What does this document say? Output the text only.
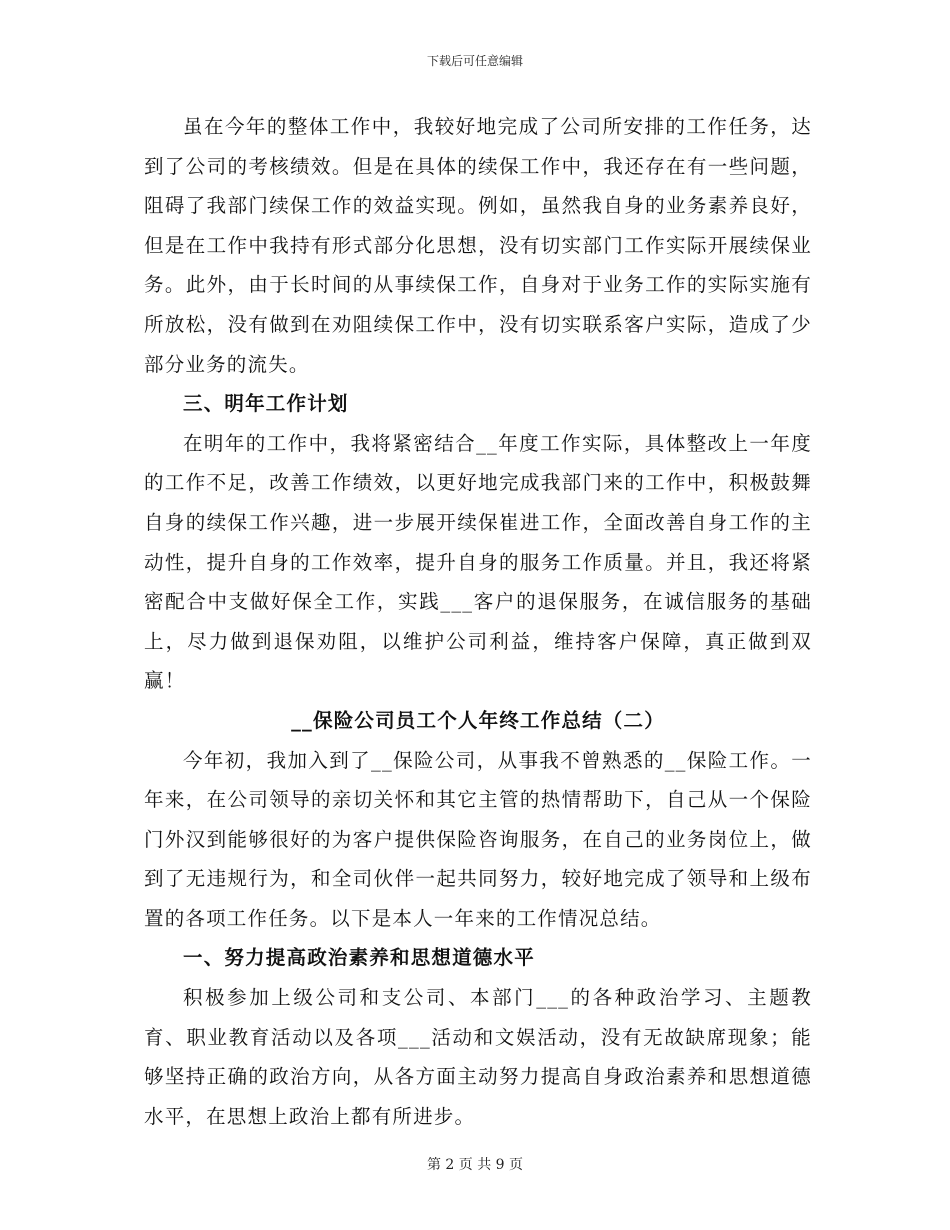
下载后可任意编辑

虽在今年的整体工作中，我较好地完成了公司所安排的工作任务，达到了公司的考核绩效。但是在具体的续保工作中，我还存在有一些问题，阻碍了我部门续保工作的效益实现。例如，虽然我自身的业务素养良好，但是在工作中我持有形式部分化思想，没有切实部门工作实际开展续保业务。此外，由于长时间的从事续保工作，自身对于业务工作的实际实施有所放松，没有做到在劝阻续保工作中，没有切实联系客户实际，造成了少部分业务的流失。

三、明年工作计划

在明年的工作中，我将紧密结合__年度工作实际，具体整改上一年度的工作不足，改善工作绩效，以更好地完成我部门来的工作中，积极鼓舞自身的续保工作兴趣，进一步展开续保崔进工作，全面改善自身工作的主动性，提升自身的工作效率，提升自身的服务工作质量。并且，我还将紧密配合中支做好保全工作，实践___客户的退保服务，在诚信服务的基础上，尽力做到退保劝阻，以维护公司利益，维持客户保障，真正做到双赢！

__保险公司员工个人年终工作总结（二）

今年初，我加入到了__保险公司，从事我不曾熟悉的__保险工作。一年来，在公司领导的亲切关怀和其它主管的热情帮助下，自己从一个保险门外汉到能够很好的为客户提供保险咨询服务，在自己的业务岗位上，做到了无违规行为，和全司伙伴一起共同努力，较好地完成了领导和上级布置的各项工作任务。以下是本人一年来的工作情况总结。

一、努力提高政治素养和思想道德水平

积极参加上级公司和支公司、本部门___的各种政治学习、主题教育、职业教育活动以及各项___活动和文娱活动，没有无故缺席现象；能够坚持正确的政治方向，从各方面主动努力提高自身政治素养和思想道德水平，在思想上政治上都有所进步。

第 2 页 共 9 页
